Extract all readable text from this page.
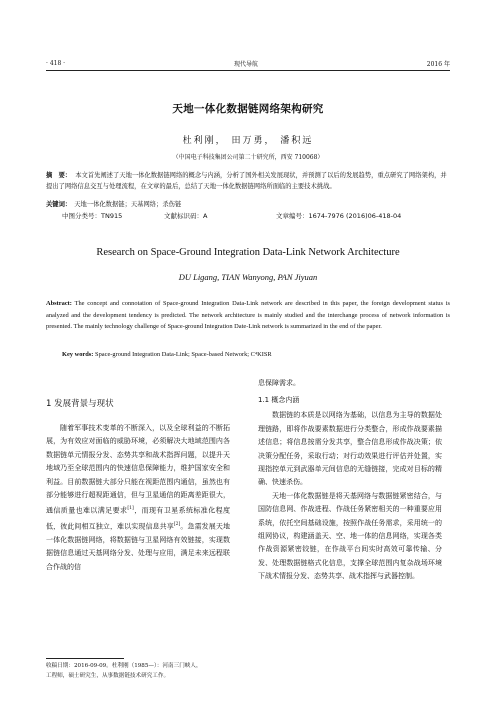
· 418 ·	现代导航	2016 年
天地一体化数据链网络架构研究
杜利刚， 田万勇， 潘积远
（中国电子科技集团公司第二十研究所，西安 710068）
摘　要： 本文首先阐述了天地一体化数据链网络的概念与内涵，分析了国外相关发展现状，并预测了以后的发展趋势，重点研究了网络架构，并提出了网络信息交互与处理流程，在文章的最后，总结了天地一体化数据链网络所面临的主要技术挑战。
关键词： 天地一体化数据链；天基网络；杀伤链
中图分类号：TN915	文献标识码：A	文章编号：1674-7976 (2016)06-418-04
Research on Space-Ground Integration Data-Link Network Architecture
DU Ligang, TIAN Wanyong, PAN Jiyuan
Abstract: The concept and connotation of Space-ground Integration Data-Link network are described in this paper, the foreign development status is analyzed and the development tendency is predicted. The network architecture is mainly studied and the interchange process of network information is presented. The mainly technology challenge of Space-ground Integration Date-Link network is summarized in the end of the paper.
Key words: Space-ground Integration Data-Link; Space-based Network; C⁴KISR
1 发展背景与现状
随着军事技术变革的不断深入，以及全球利益的不断拓展，为有效应对面临的威胁环境，必须解决大地域范围内各数据链单元情报分发、态势共享和战术指挥问题，以提升天地域乃至全球范围内的快速信息保障能力，维护国家安全和利益。目前数据链大部分只能在视距范围内通信，虽然也有部分能够进行超视距通信，但与卫星通信的距离差距很大，通信质量也难以满足要求[1]，而现有卫星系统标准化程度低，彼此间相互独立，难以实现信息共享[2]。急需发展天地一体化数据链网络，将数据链与卫星网络有效链接，实现数据链信息通过天基网络分发、处理与应用，满足未来远程联合作战的信
息保障需求。
1.1 概念内涵
数据链的本质是以网络为基础，以信息为主导的数据处理链路，即将作战要素数据进行分类整合，形成作战要素描述信息；将信息按需分发共享，整合信息形成作战决策；依决策分配任务，采取行动；对行动效果进行评估并处置，实现指控单元到武器单元间信息的无缝链接，完成对目标的精确、快速杀伤。
天地一体化数据链是将天基网络与数据链紧密结合，与国防信息网、作战进程、作战任务紧密相关的一种重要应用系统，依托空间基础设施，按照作战任务需求，采用统一的组网协议，构建涵盖天、空、地一体的信息网络，实现各类作战资源紧密铰链，在作战平台间实时高效可靠传输、分发、处理数据链格式化信息，支撑全球范围内复杂战场环境下战术情报分发、态势共享、战术指挥与武器控制。
收稿日期：2016-09-09。杜利刚（1985—）：河南三门峡人，
工程师，硕士研究生，从事数据链技术研究工作。
